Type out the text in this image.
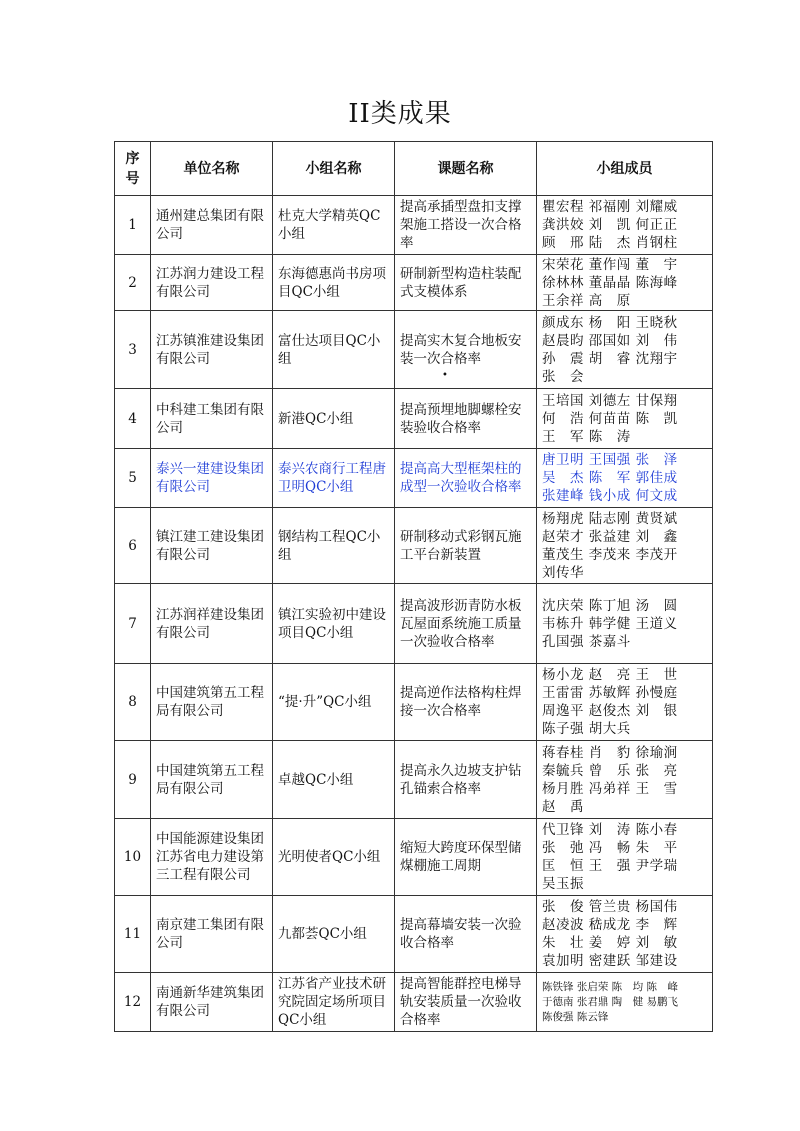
II类成果
序号	单位名称	小组名称	课题名称	小组成员
1	通州建总集团有限公司	杜克大学精英QC小组	提高承插型盘扣支撑架施工搭设一次合格率	瞿宏程 祁福刚 刘耀威
龚洪姣 刘　凯 何正正
顾　邢 陆　杰 肖钢柱
2	江苏润力建设工程有限公司	东海德惠尚书房项目QC小组	研制新型构造柱装配式支模体系	宋荣花 董作闯 董　宇
徐林林 董晶晶 陈海峰
王余祥 高　原
3	江苏镇淮建设集团有限公司	富仕达项目QC小组	提高实木复合地板安装一次合格率	颜成东 杨　阳 王晓秋
赵晨昀 邵国如 刘　伟
孙　震 胡　睿 沈翔宇
张　会
4	中科建工集团有限公司	新港QC小组	提高预埋地脚螺栓安装验收合格率	王培国 刘德左 甘保翔
何　浩 何苗苗 陈　凯
王　军 陈　涛
5	泰兴一建建设集团有限公司	泰兴农商行工程唐卫明QC小组	提高高大型框架柱的成型一次验收合格率	唐卫明 王国强 张　泽
吴　杰 陈　军 郭佳成
张建峰 钱小成 何文成
6	镇江建工建设集团有限公司	钢结构工程QC小组	研制移动式彩钢瓦施工平台新装置	杨翔虎 陆志刚 黄贤斌
赵荣才 张益建 刘　鑫
董茂生 李茂来 李茂开
刘传华
7	江苏润祥建设集团有限公司	镇江实验初中建设项目QC小组	提高波形沥青防水板瓦屋面系统施工质量一次验收合格率	沈庆荣 陈丁旭 汤　圆
韦栋升 韩学健 王道义
孔国强 茶嘉斗
8	中国建筑第五工程局有限公司	“提·升”QC小组	提高逆作法格构柱焊接一次合格率	杨小龙 赵　亮 王　世
王雷雷 苏敏辉 孙慢庭
周逸平 赵俊杰 刘　银
陈子强 胡大兵
9	中国建筑第五工程局有限公司	卓越QC小组	提高永久边坡支护钻孔锚索合格率	蒋春桂 肖　豹 徐瑜涧
秦毓兵 曾　乐 张　亮
杨月胜 冯弟祥 王　雪
赵　禹
10	中国能源建设集团江苏省电力建设第三工程有限公司	光明使者QC小组	缩短大跨度环保型储煤棚施工周期	代卫锋 刘　涛 陈小春
张　弛 冯　畅 朱　平
匡　恒 王　强 尹学瑞
吴玉振
11	南京建工集团有限公司	九都荟QC小组	提高幕墙安装一次验收合格率	张　俊 管兰贵 杨国伟
赵凌波 嵇成龙 李　辉
朱　壮 姜　婷 刘　敏
袁加明 密建跃 邹建设
12	南通新华建筑集团有限公司	江苏省产业技术研究院固定场所项目QC小组	提高智能群控电梯导轨安装质量一次验收合格率	陈铁锋 张启荣 陈　均 陈　峰
于德南 张君鼎 陶　健 易鹏飞
陈俊强 陈云锋
•
